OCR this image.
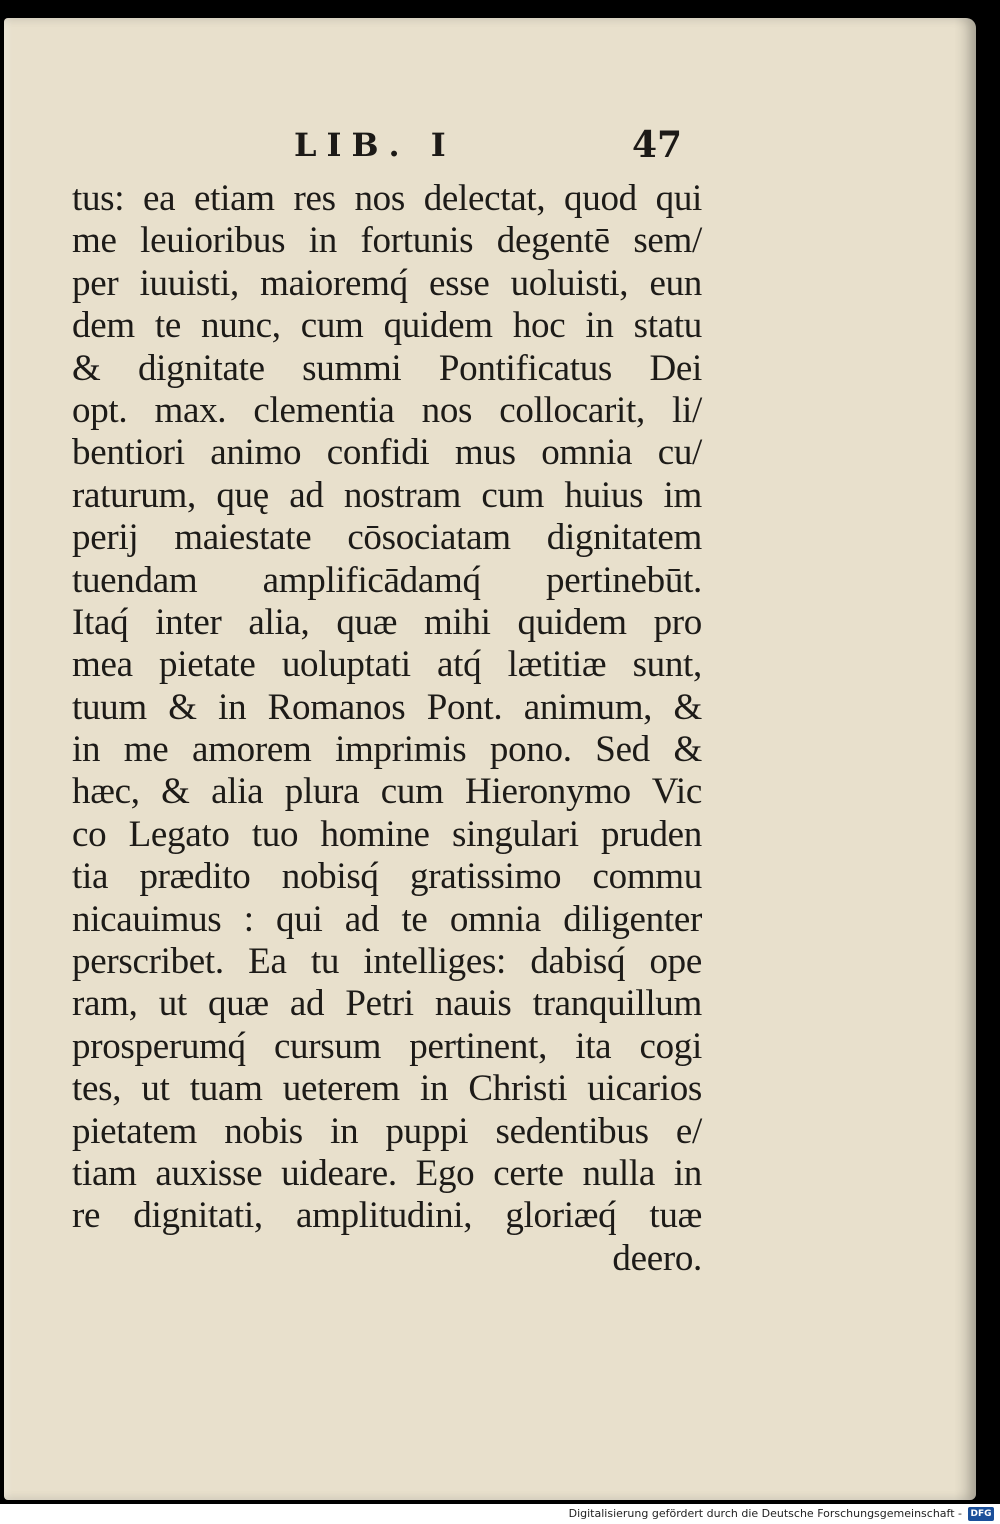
LIB. I	47
tus: ea etiam res nos delectat, quod qui
me leuioribus in fortunis degentē sem/
per iuuisti, maioremq́ esse uoluisti, eun
dem te nunc, cum quidem hoc in statu
& dignitate summi Pontificatus Dei
opt. max. clementia nos collocarit, li/
bentiori animo confidi mus omnia cu/
raturum, quę ad nostram cum huius im
perij maiestate cōsociatam dignitatem
tuendam amplificādamq́ pertinebūt.
Itaq́ inter alia, quæ mihi quidem pro
mea pietate uoluptati atq́ lætitiæ sunt,
tuum & in Romanos Pont. animum, &
in me amorem imprimis pono. Sed &
hæc, & alia plura cum Hieronymo Vic
co Legato tuo homine singulari pruden
tia prædito nobisq́ gratissimo commu
nicauimus : qui ad te omnia diligenter
perscribet. Ea tu intelliges: dabisq́ ope
ram, ut quæ ad Petri nauis tranquillum
prosperumq́ cursum pertinent, ita cogi
tes, ut tuam ueterem in Christi uicarios
pietatem nobis in puppi sedentibus e/
tiam auxisse uideare. Ego certe nulla in
re dignitati, amplitudini, gloriæq́ tuæ
deero.
Digitalisierung gefördert durch die Deutsche Forschungsgemeinschaft - DFG
